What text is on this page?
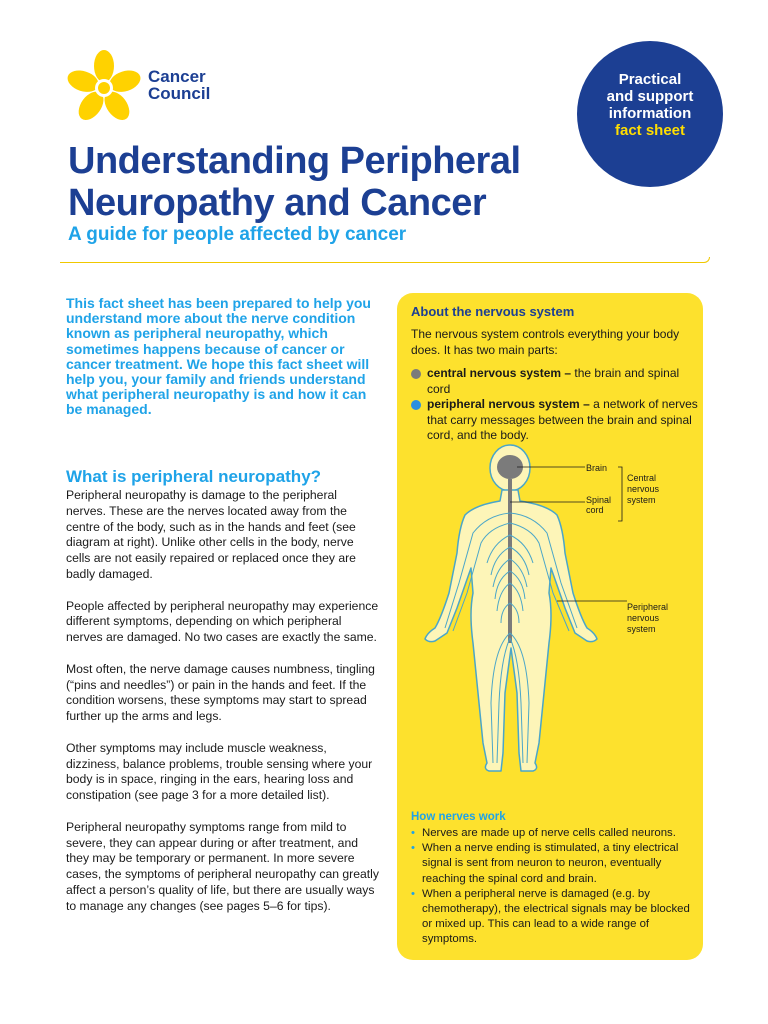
Cancer
Council
Practical
and support
information
fact sheet
Understanding Peripheral Neuropathy and Cancer
A guide for people affected by cancer
This fact sheet has been prepared to help you understand more about the nerve condition known as peripheral neuropathy, which sometimes happens because of cancer or cancer treatment. We hope this fact sheet will help you, your family and friends understand what peripheral neuropathy is and how it can be managed.
What is peripheral neuropathy?

Peripheral neuropathy is damage to the peripheral nerves. These are the nerves located away from the centre of the body, such as in the hands and feet (see diagram at right). Unlike other cells in the body, nerve cells are not easily repaired or replaced once they are badly damaged.

People affected by peripheral neuropathy may experience different symptoms, depending on which peripheral nerves are damaged. No two cases are exactly the same.

Most often, the nerve damage causes numbness, tingling (“pins and needles”) or pain in the hands and feet. If the condition worsens, these symptoms may start to spread further up the arms and legs.

Other symptoms may include muscle weakness, dizziness, balance problems, trouble sensing where your body is in space, ringing in the ears, hearing loss and constipation (see page 3 for a more detailed list).

Peripheral neuropathy symptoms range from mild to severe, they can appear during or after treatment, and they may be temporary or permanent. In more severe cases, the symptoms of peripheral neuropathy can greatly affect a person’s quality of life, but there are usually ways to manage any changes (see pages 5–6 for tips).

About the nervous system
The nervous system controls everything your body does. It has two main parts:
central nervous system – the brain and spinal cord
peripheral nervous system – a network of nerves that carry messages between the brain and spinal cord, and the body.
Brain
Spinal
cord
Central
nervous
system
Peripheral
nervous
system
How nerves work
• Nerves are made up of nerve cells called neurons.
• When a nerve ending is stimulated, a tiny electrical signal is sent from neuron to neuron, eventually reaching the spinal cord and brain.
• When a peripheral nerve is damaged (e.g. by chemotherapy), the electrical signals may be blocked or mixed up. This can lead to a wide range of symptoms.
